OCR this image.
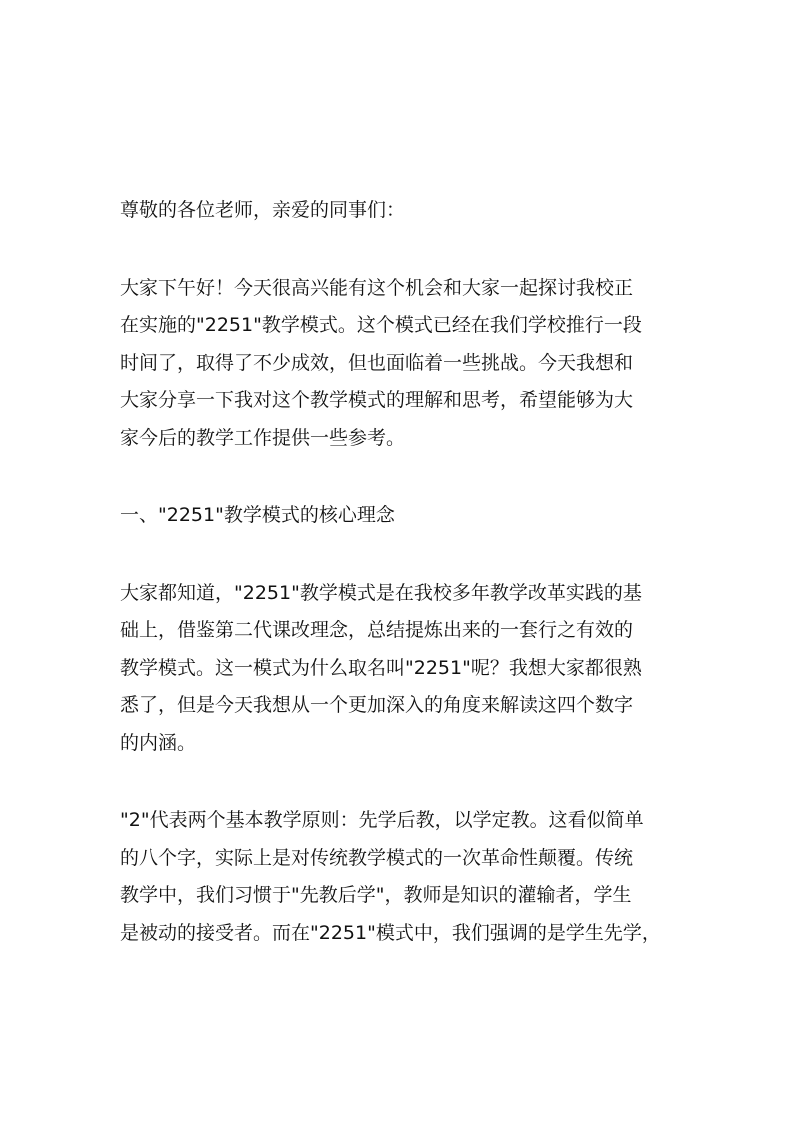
尊敬的各位老师，亲爱的同事们：
大家下午好！今天很高兴能有这个机会和大家一起探讨我校正
在实施的"2251"教学模式。这个模式已经在我们学校推行一段
时间了，取得了不少成效，但也面临着一些挑战。今天我想和
大家分享一下我对这个教学模式的理解和思考，希望能够为大
家今后的教学工作提供一些参考。
一、"2251"教学模式的核心理念
大家都知道，"2251"教学模式是在我校多年教学改革实践的基
础上，借鉴第二代课改理念，总结提炼出来的一套行之有效的
教学模式。这一模式为什么取名叫"2251"呢？我想大家都很熟
悉了，但是今天我想从一个更加深入的角度来解读这四个数字
的内涵。
"2"代表两个基本教学原则：先学后教，以学定教。这看似简单
的八个字，实际上是对传统教学模式的一次革命性颠覆。传统
教学中，我们习惯于"先教后学"，教师是知识的灌输者，学生
是被动的接受者。而在"2251"模式中，我们强调的是学生先学，
